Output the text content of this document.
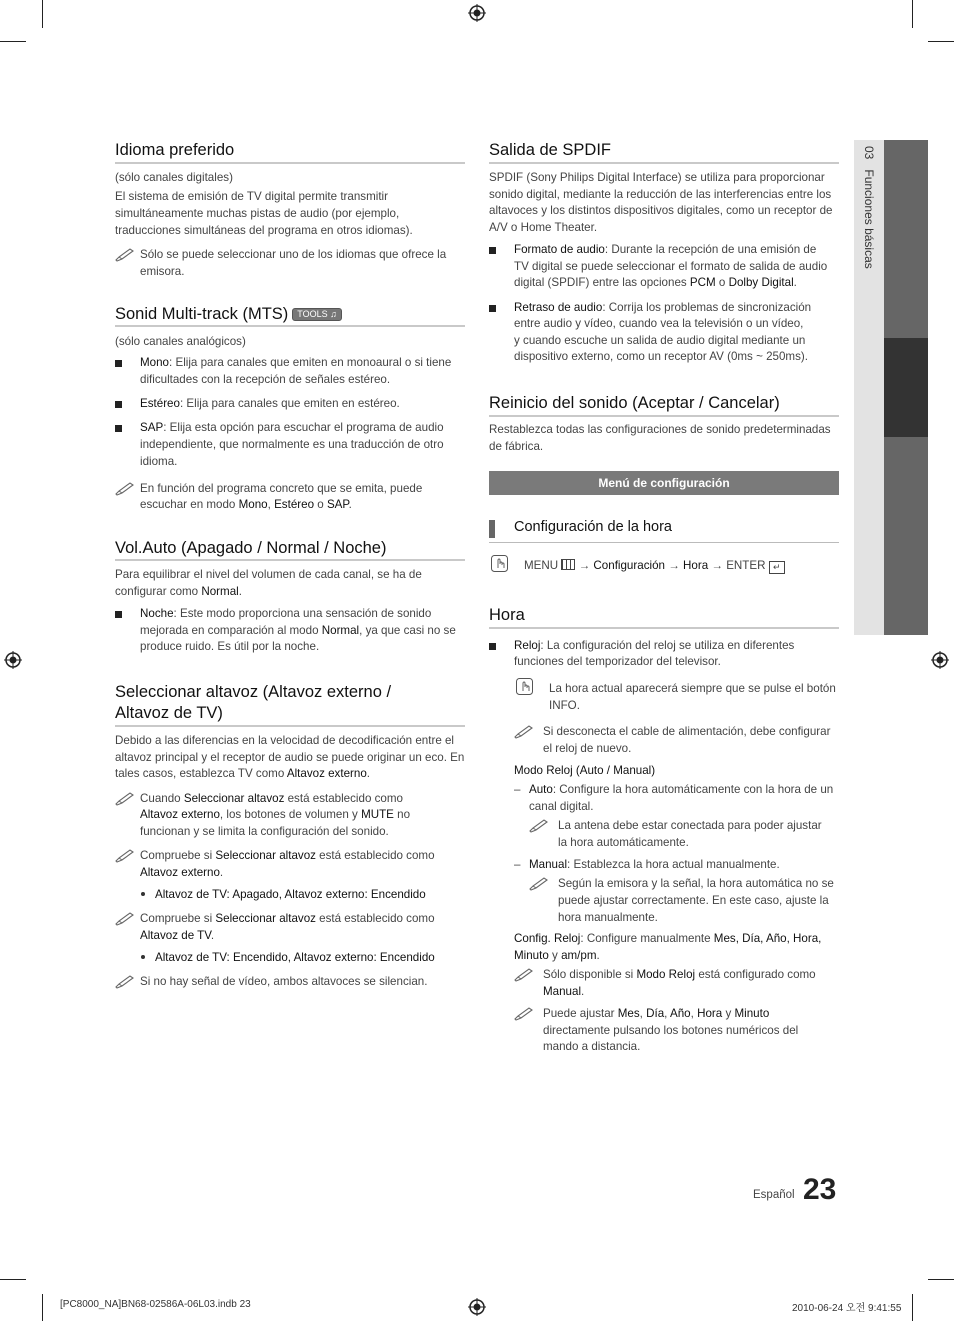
03   Funciones básicas
Idioma preferido
(sólo canales digitales)
El sistema de emisión de TV digital permite transmitir
simultáneamente muchas pistas de audio (por ejemplo,
traducciones simultáneas del programa en otros idiomas).
Sólo se puede seleccionar uno de los idiomas que ofrece la
emisora.
Sonid Multi-track (MTS) TOOLS ♫
(sólo canales analógicos)
Mono: Elija para canales que emiten en monoaural o si tiene
dificultades con la recepción de señales estéreo.
Estéreo: Elija para canales que emiten en estéreo.
SAP: Elija esta opción para escuchar el programa de audio
independiente, que normalmente es una traducción de otro
idioma.
En función del programa concreto que se emita, puede
escuchar en modo Mono, Estéreo o SAP.
Vol.Auto (Apagado / Normal / Noche)
Para equilibrar el nivel del volumen de cada canal, se ha de
configurar como Normal.
Noche: Este modo proporciona una sensación de sonido
mejorada en comparación al modo Normal, ya que casi no se
produce ruido. Es útil por la noche.
Seleccionar altavoz (Altavoz externo /
Altavoz de TV)
Debido a las diferencias en la velocidad de decodificación entre el
altavoz principal y el receptor de audio se puede originar un eco. En
tales casos, establezca TV como Altavoz externo.
Cuando Seleccionar altavoz está establecido como
Altavoz externo, los botones de volumen y MUTE no
funcionan y se limita la configuración del sonido.
Compruebe si Seleccionar altavoz está establecido como
Altavoz externo.
Altavoz de TV: Apagado, Altavoz externo: Encendido
Compruebe si Seleccionar altavoz está establecido como
Altavoz de TV.
Altavoz de TV: Encendido, Altavoz externo: Encendido
Si no hay señal de vídeo, ambos altavoces se silencian.
Salida de SPDIF
SPDIF (Sony Philips Digital Interface) se utiliza para proporcionar
sonido digital, mediante la reducción de las interferencias entre los
altavoces y los distintos dispositivos digitales, como un receptor de
A/V o Home Theater.
Formato de audio: Durante la recepción de una emisión de
TV digital se puede seleccionar el formato de salida de audio
digital (SPDIF) entre las opciones PCM o Dolby Digital.
Retraso de audio: Corrija los problemas de sincronización
entre audio y vídeo, cuando vea la televisión o un vídeo,
y cuando escuche un salida de audio digital mediante un
dispositivo externo, como un receptor AV (0ms ~ 250ms).
Reinicio del sonido (Aceptar / Cancelar)
Restablezca todas las configuraciones de sonido predeterminadas
de fábrica.
Menú de configuración
Configuración de la hora
MENU  → Configuración → Hora → ENTER ↵
Hora
Reloj: La configuración del reloj se utiliza en diferentes
funciones del temporizador del televisor.
La hora actual aparecerá siempre que se pulse el botón
INFO.
Si desconecta el cable de alimentación, debe configurar
el reloj de nuevo.
Modo Reloj (Auto / Manual)
– Auto: Configure la hora automáticamente con la hora de un
canal digital.
La antena debe estar conectada para poder ajustar
la hora automáticamente.
– Manual: Establezca la hora actual manualmente.
Según la emisora y la señal, la hora automática no se
puede ajustar correctamente. En este caso, ajuste la
hora manualmente.
Config. Reloj: Configure manualmente Mes, Día, Año, Hora,
Minuto y am/pm.
Sólo disponible si Modo Reloj está configurado como
Manual.
Puede ajustar Mes, Día, Año, Hora y Minuto
directamente pulsando los botones numéricos del
mando a distancia.
Español 23
[PC8000_NA]BN68-02586A-06L03.indb 23	2010-06-24 오전 9:41:55
